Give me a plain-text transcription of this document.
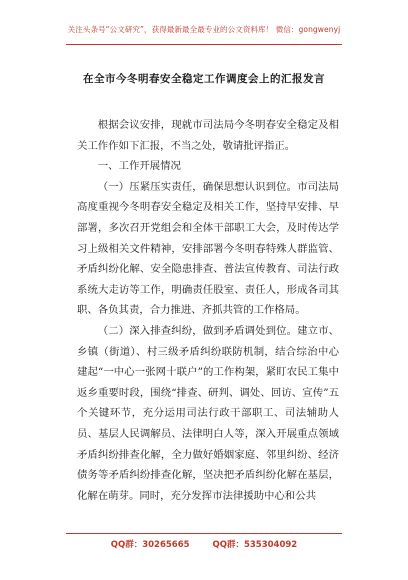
关注头条号“公文研究”，获得最新最全最专业的公文资料库！ 微信：gongwenyj
在全市今冬明春安全稳定工作调度会上的汇报发言

根据会议安排，现就市司法局今冬明春安全稳定及相关工作作如下汇报，不当之处，敬请批评指正。

一、工作开展情况

（一）压紧压实责任，确保思想认识到位。市司法局高度重视今冬明春安全稳定及相关工作，坚持早安排、早部署，多次召开党组会和全体干部职工大会，及时传达学习上级相关文件精神，安排部署今冬明春特殊人群监管、矛盾纠纷化解、安全隐患排查、普法宣传教育、司法行政系统大走访等工作，明确责任股室、责任人，形成各司其职、各负其责，合力推进、齐抓共管的工作格局。

（二）深入排查纠纷，做到矛盾调处到位。建立市、乡镇（街道）、村三级矛盾纠纷联防机制，结合综治中心建起“一中心一张网十联户”的工作构架，紧盯农民工集中返乡重要时段，围绕“排查、研判、调处、回访、宣传”五个关键环节，充分运用司法行政干部职工、司法辅助人员、基层人民调解员、法律明白人等，深入开展重点领域矛盾纠纷排查化解，全力做好婚姻家庭、邻里纠纷、经济债务等矛盾纠纷排查化解，坚决把矛盾纠纷化解在基层，化解在萌芽。同时，充分发挥市法律援助中心和公共

QQ群：30265665	QQ群：535304092
